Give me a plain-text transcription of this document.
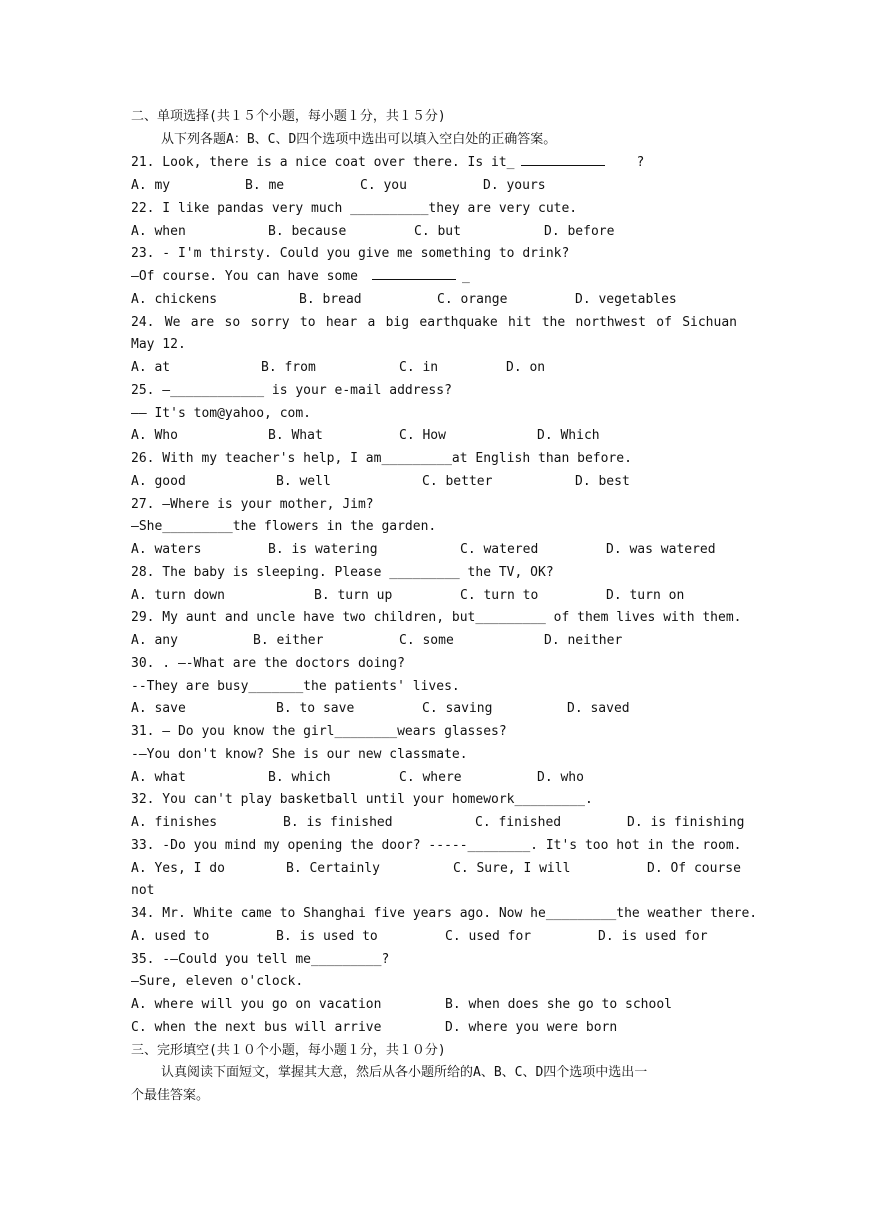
二、单项选择(共１５个小题，每小题１分，共１５分)
从下列各题A：B、C、D四个选项中选出可以填入空白处的正确答案。
21. Look, there is a nice coat over there. Is it_	?
A. my	B. me	C. you	D. yours
22. I like pandas very much __________they are very cute.
A. when	B. because	C. but	D. before
23. - I'm thirsty. Could you give me something to drink?
—Of course. You can have some	_
A. chickens	B. bread	C. orange	D. vegetables
24. We are so sorry to hear a big earthquake hit the northwest of Sichuan
May 12.
A. at	B. from	C. in	D. on
25. —____________ is your e-mail address?
—— It's tom@yahoo, com.
A. Who	B. What	C. How	D. Which
26. With my teacher's help, I am_________at English than before.
A. good	B. well	C. better	D. best
27. —Where is your mother, Jim?
—She_________the flowers in the garden.
A. waters	B. is watering	C. watered	D. was watered
28. The baby is sleeping. Please _________ the TV, OK?
A. turn down	B. turn up	C. turn to	D. turn on
29. My aunt and uncle have two children, but_________ of them lives with them.
A. any	B. either	C. some	D. neither
30. . —-What are the doctors doing?
--They are busy_______the patients' lives.
A. save	B. to save	C. saving	D. saved
31. — Do you know the girl________wears glasses?
-—You don't know? She is our new classmate.
A. what	B. which	C. where	D. who
32. You can't play basketball until your homework_________.
A. finishes	B. is finished	C. finished	D. is finishing
33. -Do you mind my opening the door? -----________. It's too hot in the room.
A. Yes, I do	B. Certainly	C. Sure, I will	D. Of course
not
34. Mr. White came to Shanghai five years ago. Now he_________the weather there.
A. used to	B. is used to	C. used for	D. is used for
35. -—Could you tell me_________?
—Sure, eleven o'clock.
A. where will you go on vacation	B. when does she go to school
C. when the next bus will arrive	D. where you were born
三、完形填空(共１０个小题，每小题１分，共１０分)
认真阅读下面短文，掌握其大意，然后从各小题所给的A、B、C、D四个选项中选出一
个最佳答案。
